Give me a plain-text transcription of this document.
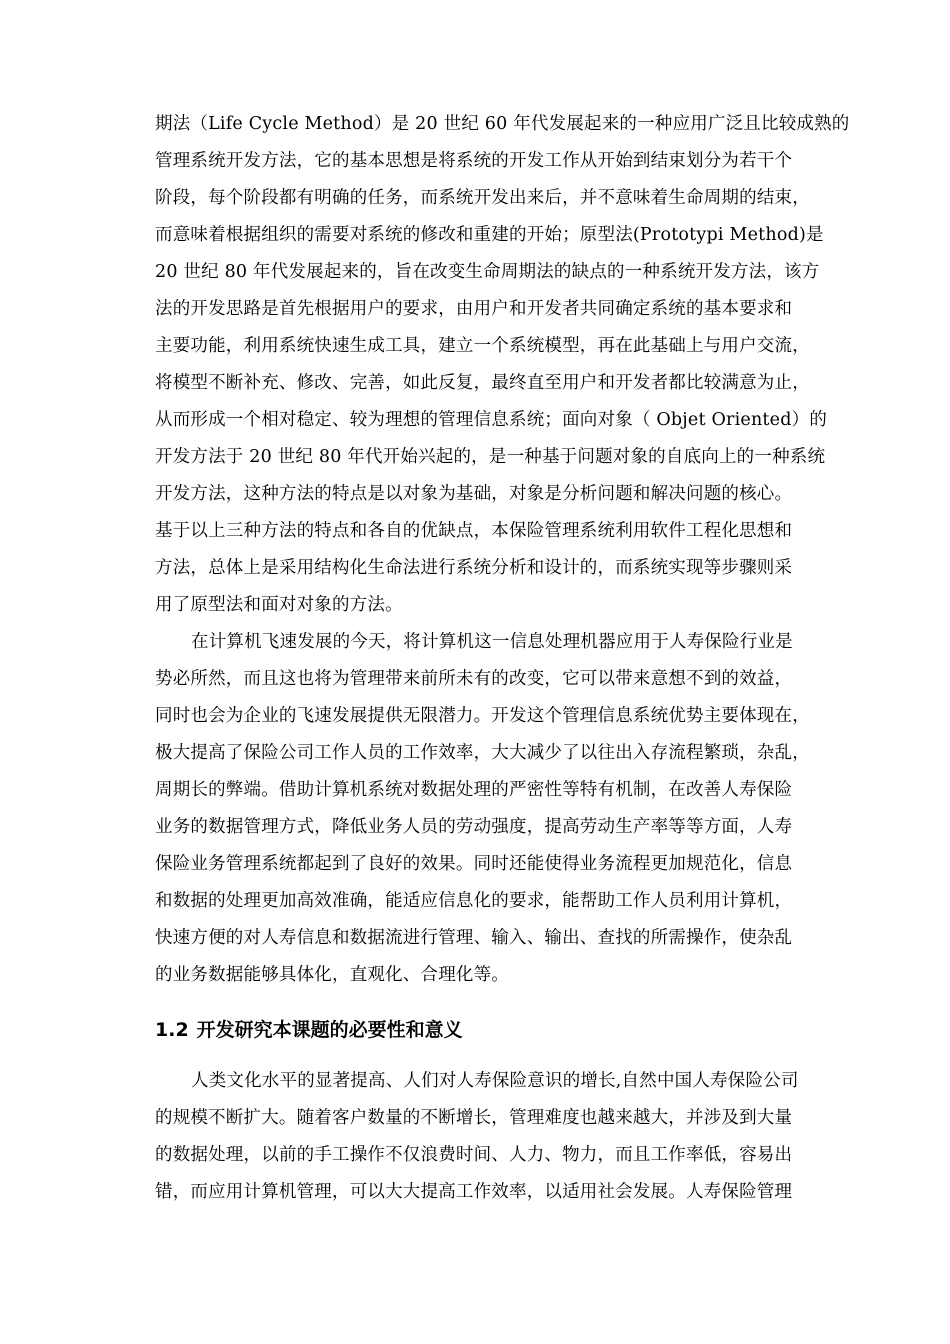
期法（Life Cycle Method）是 20 世纪 60 年代发展起来的一种应用广泛且比较成熟的
管理系统开发方法，它的基本思想是将系统的开发工作从开始到结束划分为若干个
阶段，每个阶段都有明确的任务，而系统开发出来后，并不意味着生命周期的结束，
而意味着根据组织的需要对系统的修改和重建的开始；原型法(Prototypi Method)是
20 世纪 80 年代发展起来的，旨在改变生命周期法的缺点的一种系统开发方法，该方
法的开发思路是首先根据用户的要求，由用户和开发者共同确定系统的基本要求和
主要功能，利用系统快速生成工具，建立一个系统模型，再在此基础上与用户交流，
将模型不断补充、修改、完善，如此反复，最终直至用户和开发者都比较满意为止，
从而形成一个相对稳定、较为理想的管理信息系统；面向对象（ Objet Oriented）的
开发方法于 20 世纪 80 年代开始兴起的，是一种基于问题对象的自底向上的一种系统
开发方法，这种方法的特点是以对象为基础，对象是分析问题和解决问题的核心。
基于以上三种方法的特点和各自的优缺点，本保险管理系统利用软件工程化思想和
方法，总体上是采用结构化生命法进行系统分析和设计的，而系统实现等步骤则采
用了原型法和面对对象的方法。
在计算机飞速发展的今天，将计算机这一信息处理机器应用于人寿保险行业是
势必所然，而且这也将为管理带来前所未有的改变，它可以带来意想不到的效益，
同时也会为企业的飞速发展提供无限潜力。开发这个管理信息系统优势主要体现在，
极大提高了保险公司工作人员的工作效率，大大减少了以往出入存流程繁琐，杂乱，
周期长的弊端。借助计算机系统对数据处理的严密性等特有机制，在改善人寿保险
业务的数据管理方式，降低业务人员的劳动强度，提高劳动生产率等等方面，人寿
保险业务管理系统都起到了良好的效果。同时还能使得业务流程更加规范化，信息
和数据的处理更加高效准确，能适应信息化的要求，能帮助工作人员利用计算机，
快速方便的对人寿信息和数据流进行管理、输入、输出、查找的所需操作，使杂乱
的业务数据能够具体化，直观化、合理化等。
1.2 开发研究本课题的必要性和意义
人类文化水平的显著提高、人们对人寿保险意识的增长,自然中国人寿保险公司
的规模不断扩大。随着客户数量的不断增长，管理难度也越来越大，并涉及到大量
的数据处理，以前的手工操作不仅浪费时间、人力、物力，而且工作率低，容易出
错，而应用计算机管理，可以大大提高工作效率，以适用社会发展。人寿保险管理
